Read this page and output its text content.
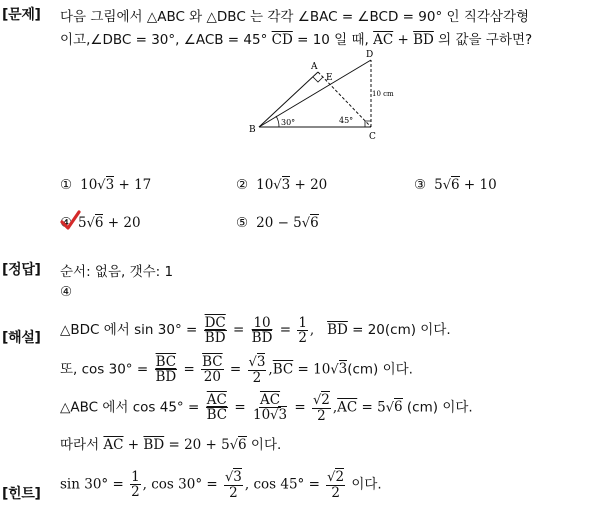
[문제] 다음 그림에서 △ABC 와 △DBC 는 각각 ∠BAC = ∠BCD = 90° 인 직각삼각형
이고,∠DBC = 30°, ∠ACB = 45° $\overline{CD} = 10$ 일 때, $\overline{AC} + \overline{BD}$ 의 값을 구하면?
A
B
C
D
E
30°	45°
10 cm
① 10√3 + 17	② 10√3 + 20	③ 5√6 + 10
④ 5√6 + 20	⑤ 20 − 5√6
[정답] 순서: 없음, 갯수: 1
④
[해설] △BDC 에서 $\sin 30^\circ = \frac{\overline{DC}}{BD} = \frac{10}{BD} = \frac{1}{2}$ ,   $\overline{BD} = 20(cm)$ 이다.
또, $\cos 30^\circ = \frac{\overline{BC}}{BD} = \frac{\overline{BC}}{20} = \frac{√3}{2} ,\overline{BC} = 10√3(cm)$ 이다.
△ABC 에서 $\cos 45^\circ = \frac{\overline{AC}}{BC} = \frac{\overline{AC}}{10√3} = \frac{√2}{2} ,\overline{AC} = 5√6$ (cm) 이다.
따라서 $\overline{AC} + \overline{BD} = 20 + 5√6$ 이다.
[힌트]
$\sin 30^\circ = \frac{1}{2}$ , $\cos 30^\circ = \frac{√3}{2}$ , $\cos 45^\circ = \frac{√2}{2}$ 이다.
